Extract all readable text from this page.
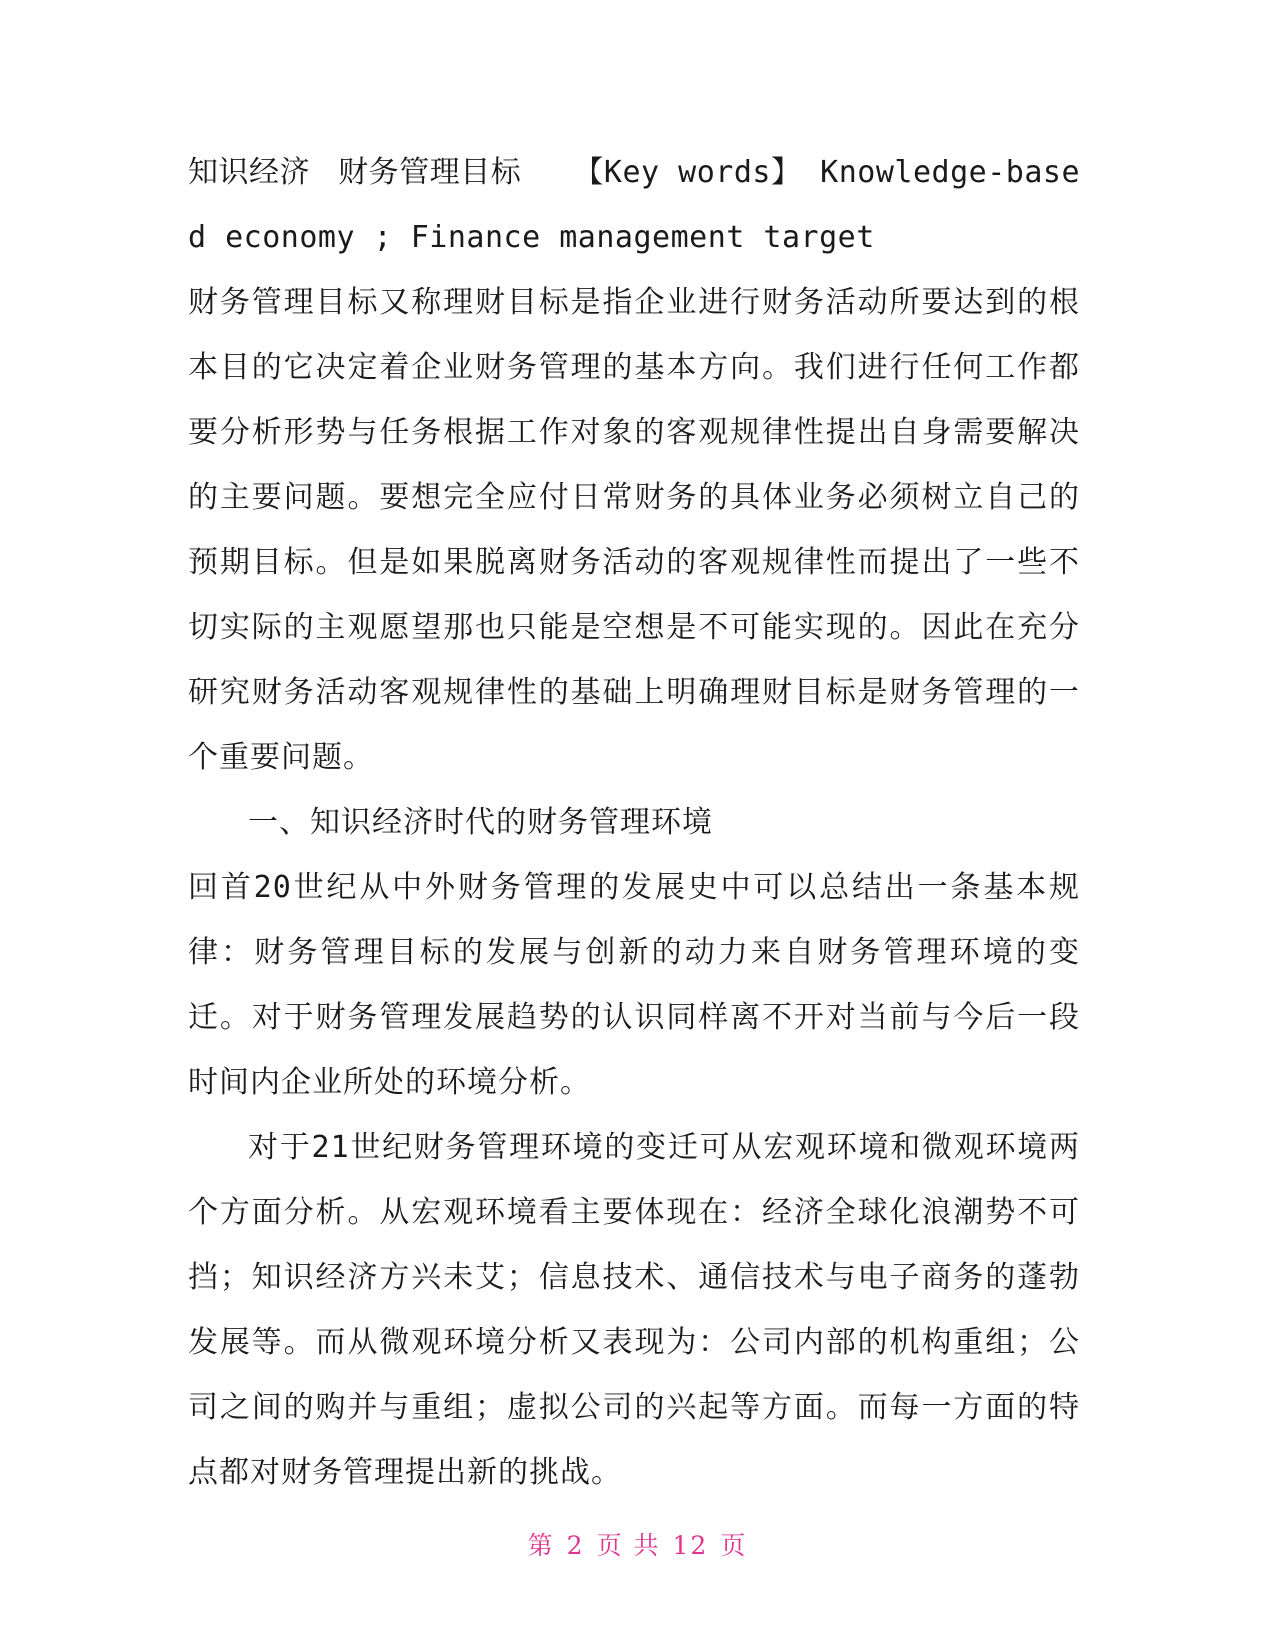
知识经济 财务管理目标 【Key words】 Knowledge-based economy ; Finance management target

财务管理目标又称理财目标是指企业进行财务活动所要达到的根本目的它决定着企业财务管理的基本方向。我们进行任何工作都要分析形势与任务根据工作对象的客观规律性提出自身需要解决的主要问题。要想完全应付日常财务的具体业务必须树立自己的预期目标。但是如果脱离财务活动的客观规律性而提出了一些不切实际的主观愿望那也只能是空想是不可能实现的。因此在充分研究财务活动客观规律性的基础上明确理财目标是财务管理的一个重要问题。

一、知识经济时代的财务管理环境

回首20世纪从中外财务管理的发展史中可以总结出一条基本规律：财务管理目标的发展与创新的动力来自财务管理环境的变迁。对于财务管理发展趋势的认识同样离不开对当前与今后一段时间内企业所处的环境分析。

对于21世纪财务管理环境的变迁可从宏观环境和微观环境两个方面分析。从宏观环境看主要体现在：经济全球化浪潮势不可挡；知识经济方兴未艾；信息技术、通信技术与电子商务的蓬勃发展等。而从微观环境分析又表现为：公司内部的机构重组；公司之间的购并与重组；虚拟公司的兴起等方面。而每一方面的特点都对财务管理提出新的挑战。

第 2 页 共 12 页
